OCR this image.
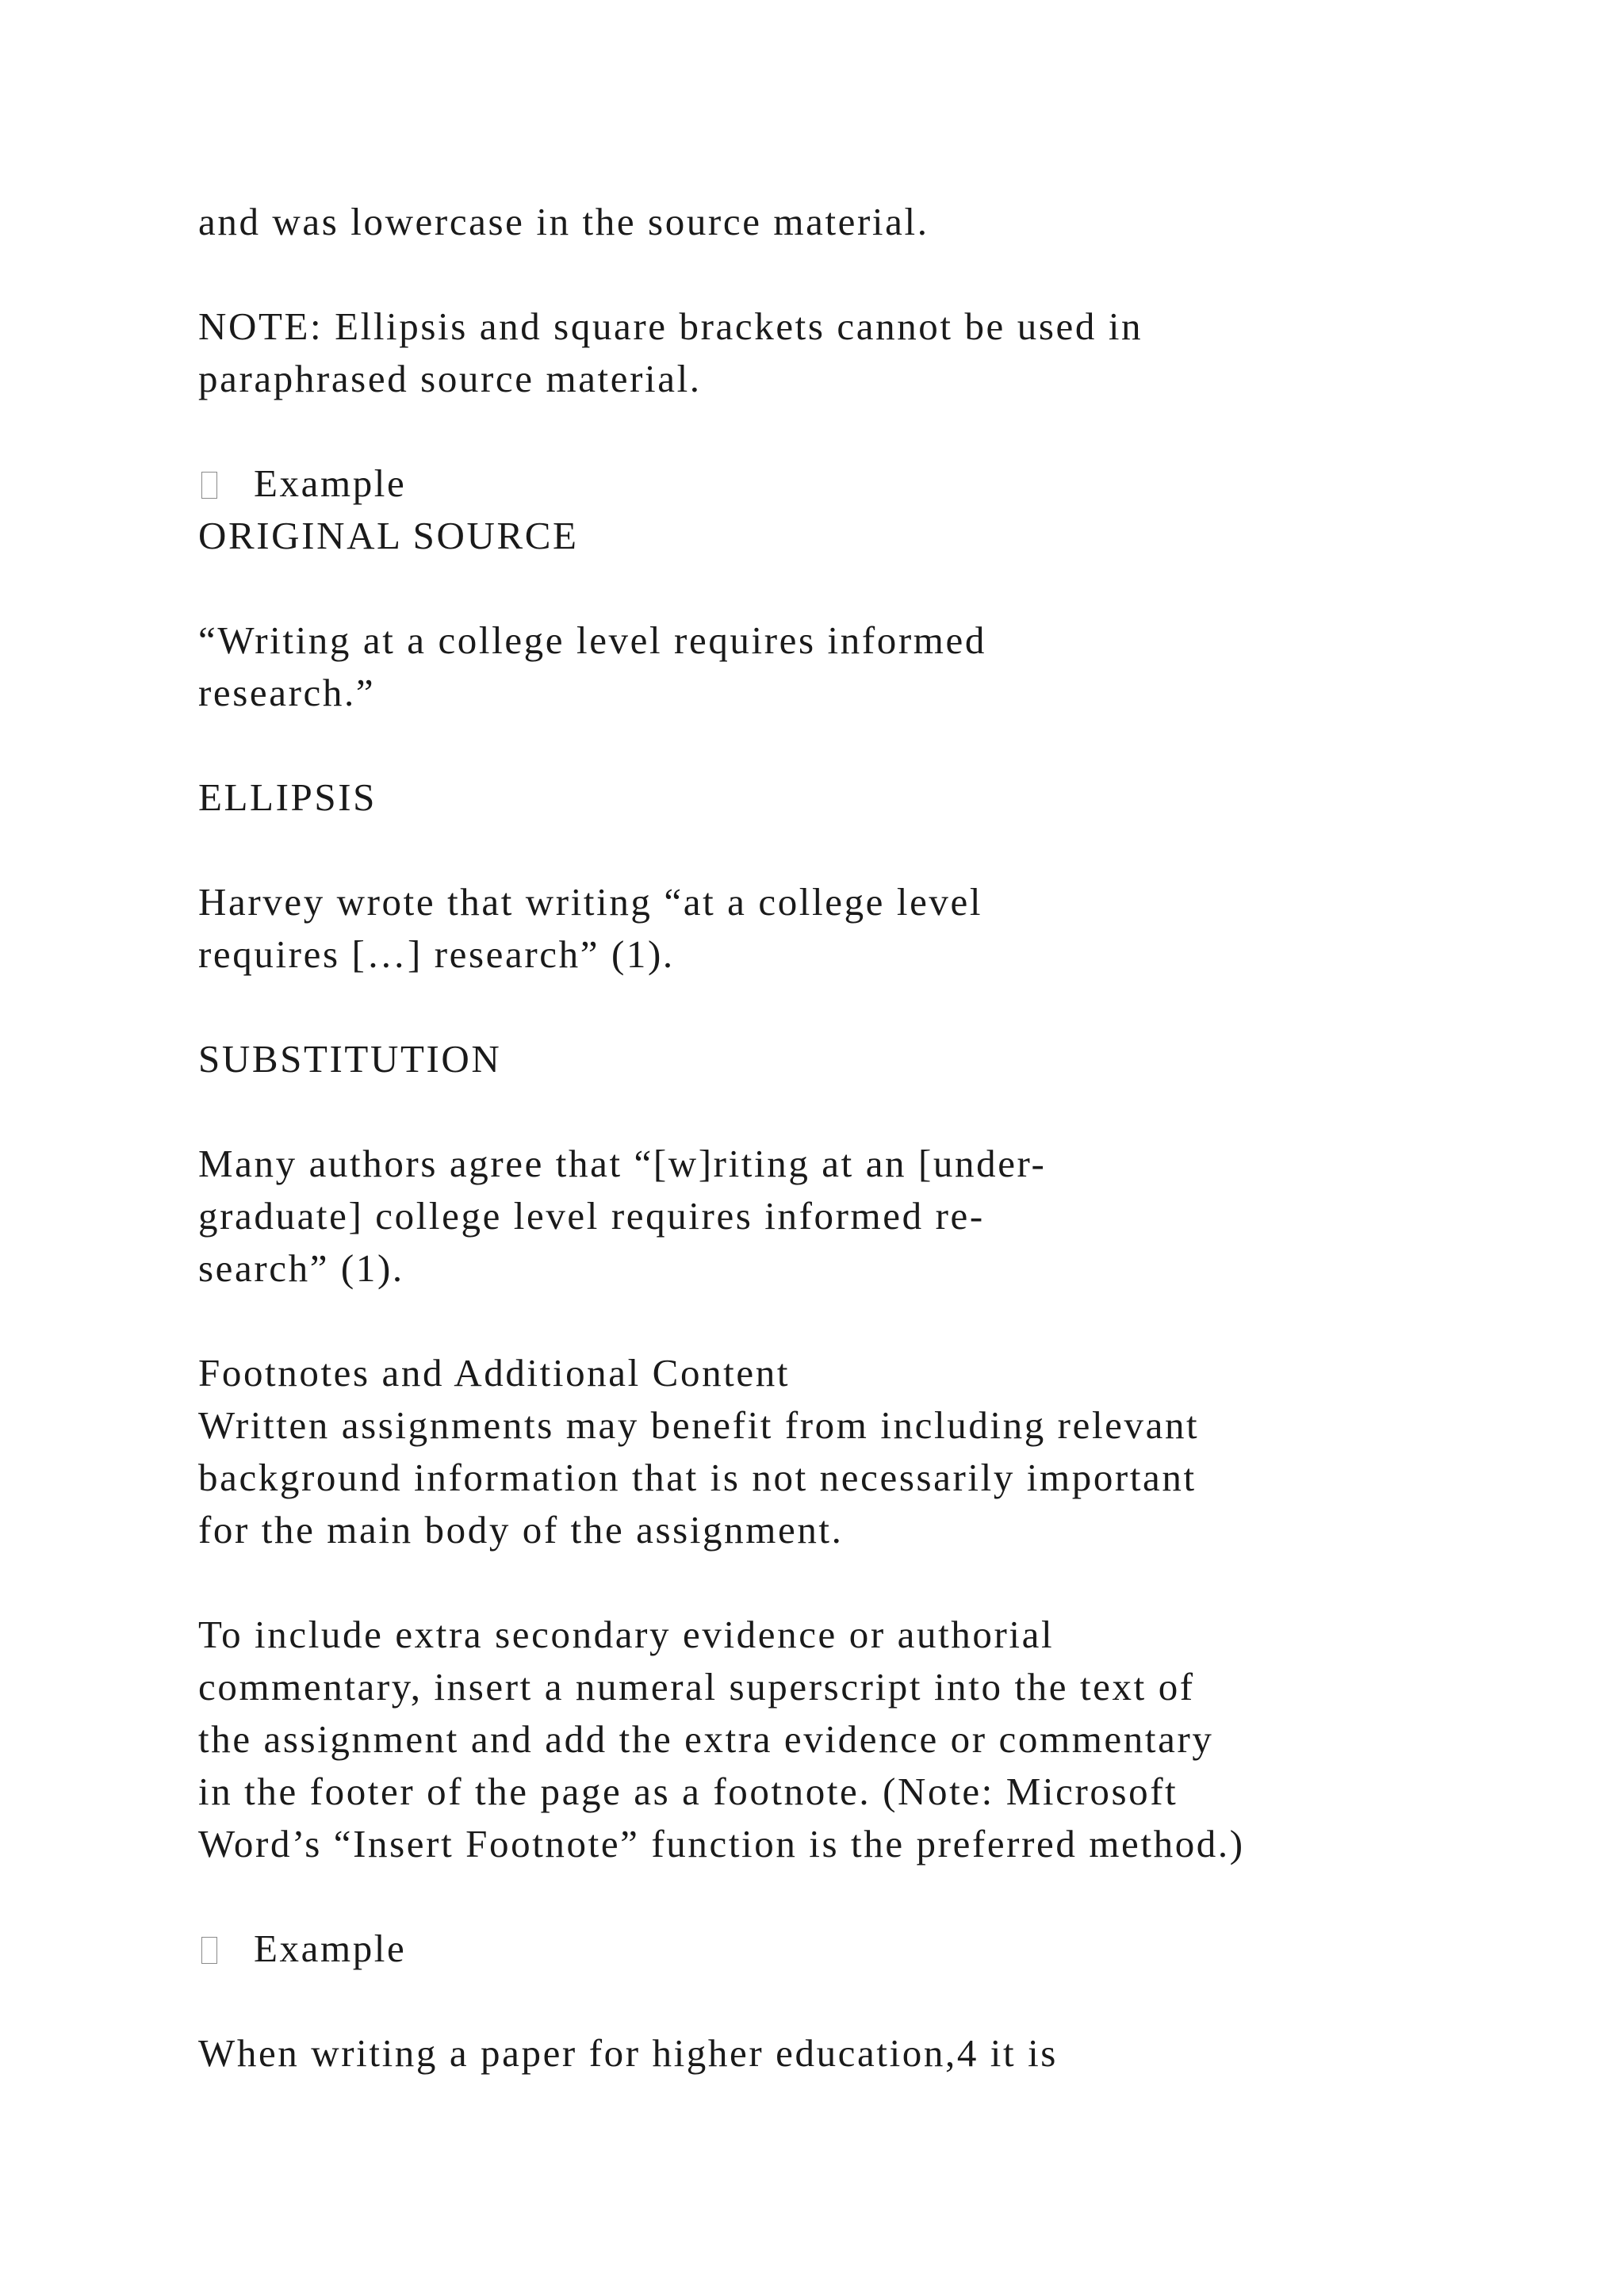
and was lowercase in the source material.

NOTE: Ellipsis and square brackets cannot be used in

paraphrased source material.

Example

ORIGINAL SOURCE

“Writing at a college level requires informed

research.”

ELLIPSIS

Harvey wrote that writing “at a college level

requires […] research” (1).

SUBSTITUTION

Many authors agree that “[w]riting at an [under-

graduate] college level requires informed re-

search” (1).

Footnotes and Additional Content

Written assignments may benefit from including relevant

background information that is not necessarily important

for the main body of the assignment.

To include extra secondary evidence or authorial

commentary, insert a numeral superscript into the text of

the assignment and add the extra evidence or commentary

in the footer of the page as a footnote. (Note: Microsoft

Word’s “Insert Footnote” function is the preferred method.)

Example

When writing a paper for higher education,4 it is
